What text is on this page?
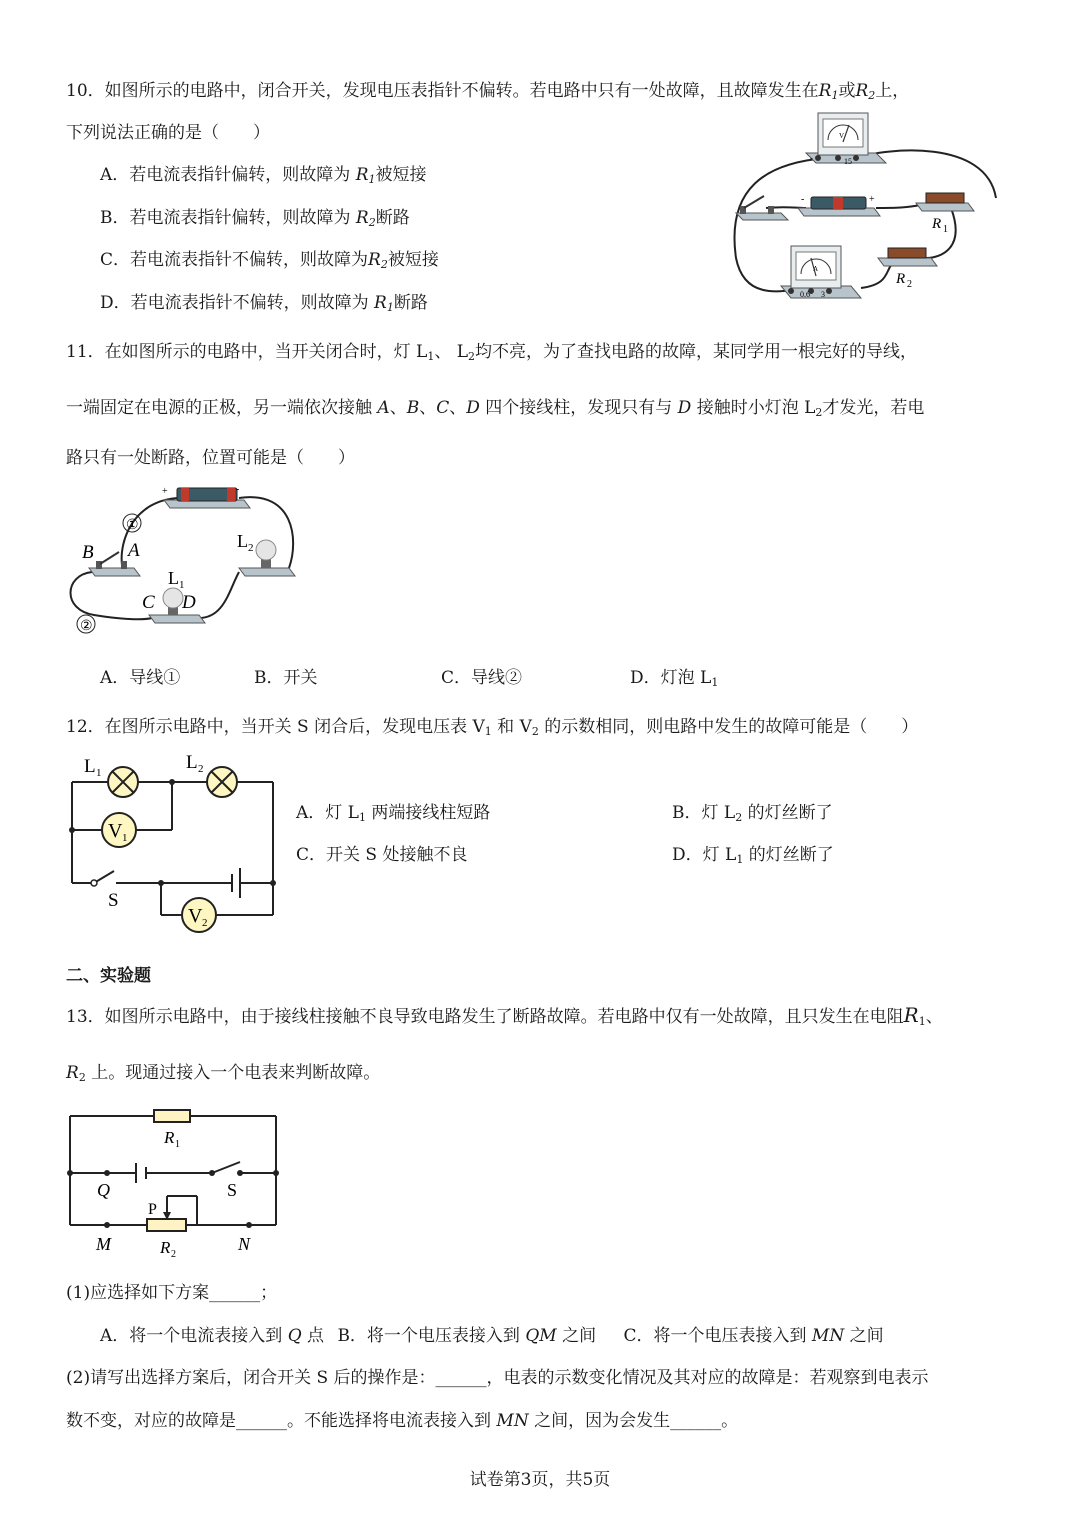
10．如图所示的电路中，闭合开关，发现电压表指针不偏转。若电路中只有一处故障，且故障发生在$R_1$或$R_2$上，
下列说法正确的是（　　）
A．若电流表指针偏转，则故障为 $R_1$被短接
B．若电流表指针偏转，则故障为 $R_2$断路
C．若电流表指针不偏转，则故障为$R_2$被短接
D．若电流表指针不偏转，则故障为 $R_1$断路
V
-	15
-	+
R 1
A
0.6 3
R 2
11．在如图所示的电路中，当开关闭合时，灯 $L_1$、 $L_2$均不亮，为了查找电路的故障，某同学用一根完好的导线，
一端固定在电源的正极，另一端依次接触 A、B、C、D 四个接线柱，发现只有与 D 接触时小灯泡 $L_2$才发光，若电
路只有一处断路，位置可能是（　　）
+	-
①
②
B A	L 2
L 1
C D
A．导线①	B．开关	C．导线②	D．灯泡 $L_1$
12．在图所示电路中，当开关 S 闭合后，发现电压表 $V_1$ 和 $V_2$ 的示数相同，则电路中发生的故障可能是（　　）
V 1
V 2
L 1	L 2
S
A．灯 $L_1$ 两端接线柱短路	B．灯 $L_2$ 的灯丝断了
C．开关 S 处接触不良	D．灯 $L_1$ 的灯丝断了
二、实验题
13．如图所示电路中，由于接线柱接触不良导致电路发生了断路故障。若电路中仅有一处故障，且只发生在电阻$R_1$、
$R_2$ 上。现通过接入一个电表来判断故障。
R 1
Q	S
P
M	R 2
N
(1)应选择如下方案______；
A．将一个电流表接入到 Q 点 B．将一个电压表接入到 QM 之间 C．将一个电压表接入到 MN 之间
(2)请写出选择方案后，闭合开关 S 后的操作是：______，电表的示数变化情况及其对应的故障是：若观察到电表示
数不变，对应的故障是______。不能选择将电流表接入到 MN 之间，因为会发生______。
试卷第3页，共5页
